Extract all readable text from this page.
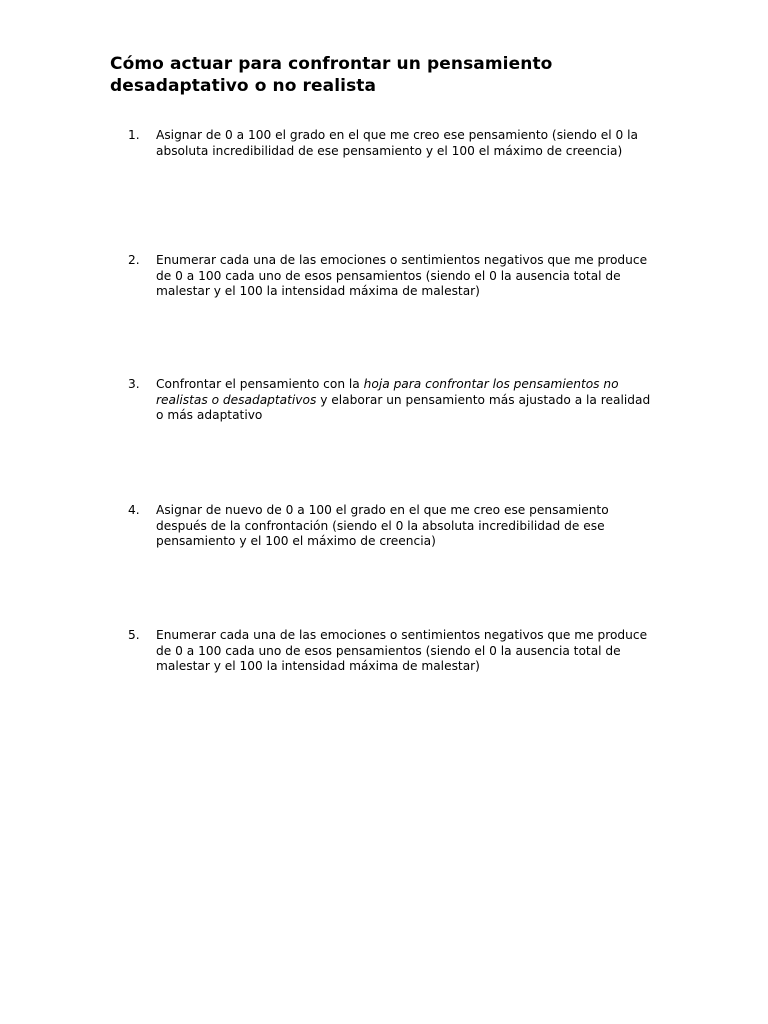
Cómo actuar para confrontar un pensamiento
desadaptativo o no realista
1.	Asignar de 0 a 100 el grado en el que me creo ese pensamiento (siendo el 0 la absoluta incredibilidad de ese pensamiento y el 100 el máximo de creencia)
2.	Enumerar cada una de las emociones o sentimientos negativos que me produce de 0 a 100 cada uno de esos pensamientos (siendo el 0 la ausencia total de malestar y el 100 la intensidad máxima de malestar)
3.	Confrontar el pensamiento con la hoja para confrontar los pensamientos no realistas o desadaptativos y elaborar un pensamiento más ajustado a la realidad o más adaptativo
4.	Asignar de nuevo de 0 a 100 el grado en el que me creo ese pensamiento después de la confrontación (siendo el 0 la absoluta incredibilidad de ese pensamiento y el 100 el máximo de creencia)
5.	Enumerar cada una de las emociones o sentimientos negativos que me produce de 0 a 100 cada uno de esos pensamientos (siendo el 0 la ausencia total de malestar y el 100 la intensidad máxima de malestar)
